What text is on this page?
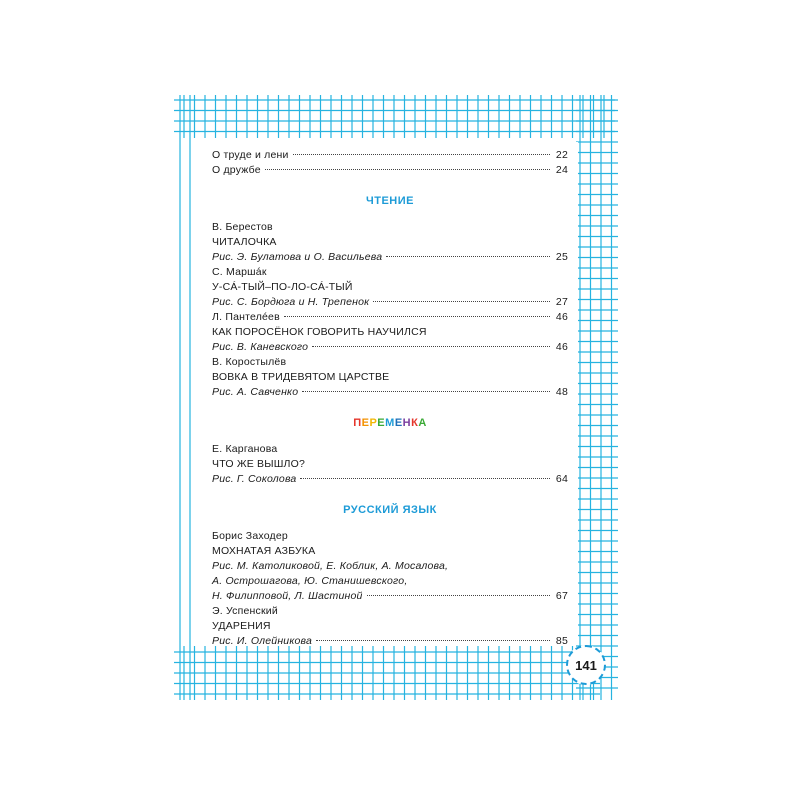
О труде и лени	22
О дружбе	24
ЧТЕНИЕ
В. Берестов
ЧИТАЛОЧКА
Рис. Э. Булатова и О. Васильева	25
С. Маршáк
У-СÁ-ТЫЙ–ПО-ЛО-СÁ-ТЫЙ
Рис. С. Бордюга и Н. Трепенок	27
Л. Пантелéев	46
КАК ПОРОСЁНОК ГОВОРИТЬ НАУЧИЛСЯ
Рис. В. Каневского	46
В. Коростылёв
ВОВКА В ТРИДЕВЯТОМ ЦАРСТВЕ
Рис. А. Савченко	48
ПЕРЕМЕНКА
Е. Карганова
ЧТО ЖЕ ВЫШЛО?
Рис. Г. Соколова	64
РУССКИЙ ЯЗЫК
Борис Заходер
МОХНАТАЯ АЗБУКА
Рис. М. Католиковой, Е. Коблик, А. Мосалова,
А. Острошагова, Ю. Станишевского,
Н. Филипповой, Л. Шастиной	67
Э. Успенский
УДАРЕНИЯ
Рис. И. Олейникова	85
141
